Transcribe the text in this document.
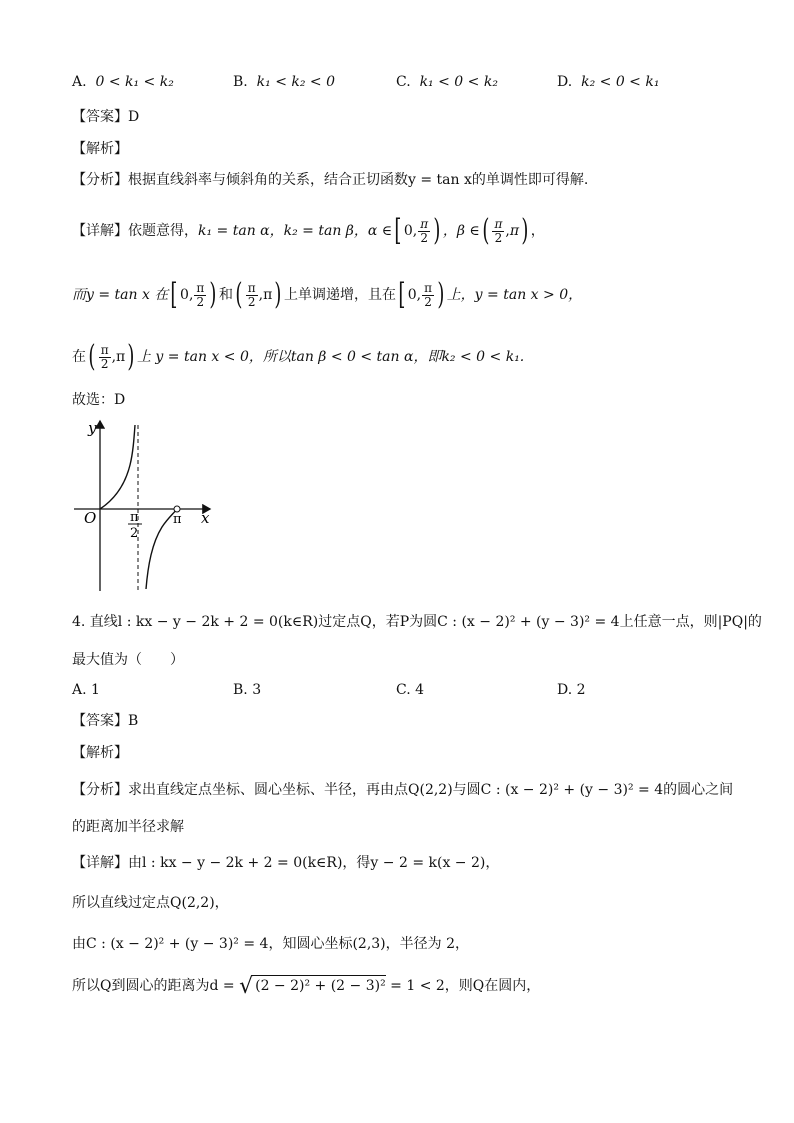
A. 0 < k₁ < k₂	B. k₁ < k₂ < 0	C. k₁ < 0 < k₂	D. k₂ < 0 < k₁
【答案】D
【解析】
【分析】根据直线斜率与倾斜角的关系，结合正切函数y = tan x的单调性即可得解.
【详解】依题意得，k₁ = tan α，k₂ = tan β，α ∈[ 0, $\frac{\pi}{2}$ ) ，β ∈( $\frac{\pi}{2} ,\pi$) ，
而y = tan x 在[ 0, $\frac{\pi}{2}$ ) 和( $\frac{\pi}{2} ,\pi$) 上单调递增，且在[ 0, $\frac{\pi}{2}$ ) 上，y = tan x > 0，
在( $\frac{\pi}{2} ,\pi$) 上 y = tan x < 0，所以tan β < 0 < tan α，即k₂ < 0 < k₁.
故选：D
y
x
O	π
2
π
4. 直线l : kx − y − 2k + 2 = 0(k∈R)过定点Q，若P为圆C : (x − 2)² + (y − 3)² = 4上任意一点，则|PQ|的
最大值为（　　）
A. 1	B. 3	C. 4	D. 2
【答案】B
【解析】
【分析】求出直线定点坐标、圆心坐标、半径，再由点Q(2,2)与圆C : (x − 2)² + (y − 3)² = 4的圆心之间
的距离加半径求解
【详解】由l : kx − y − 2k + 2 = 0(k∈R)，得y − 2 = k(x − 2)，
所以直线过定点Q(2,2)，
由C : (x − 2)² + (y − 3)² = 4，知圆心坐标(2,3)，半径为 2，
所以Q到圆心的距离为d = √ (2 − 2)² + (2 − 3)² = 1 < 2，则Q在圆内，
